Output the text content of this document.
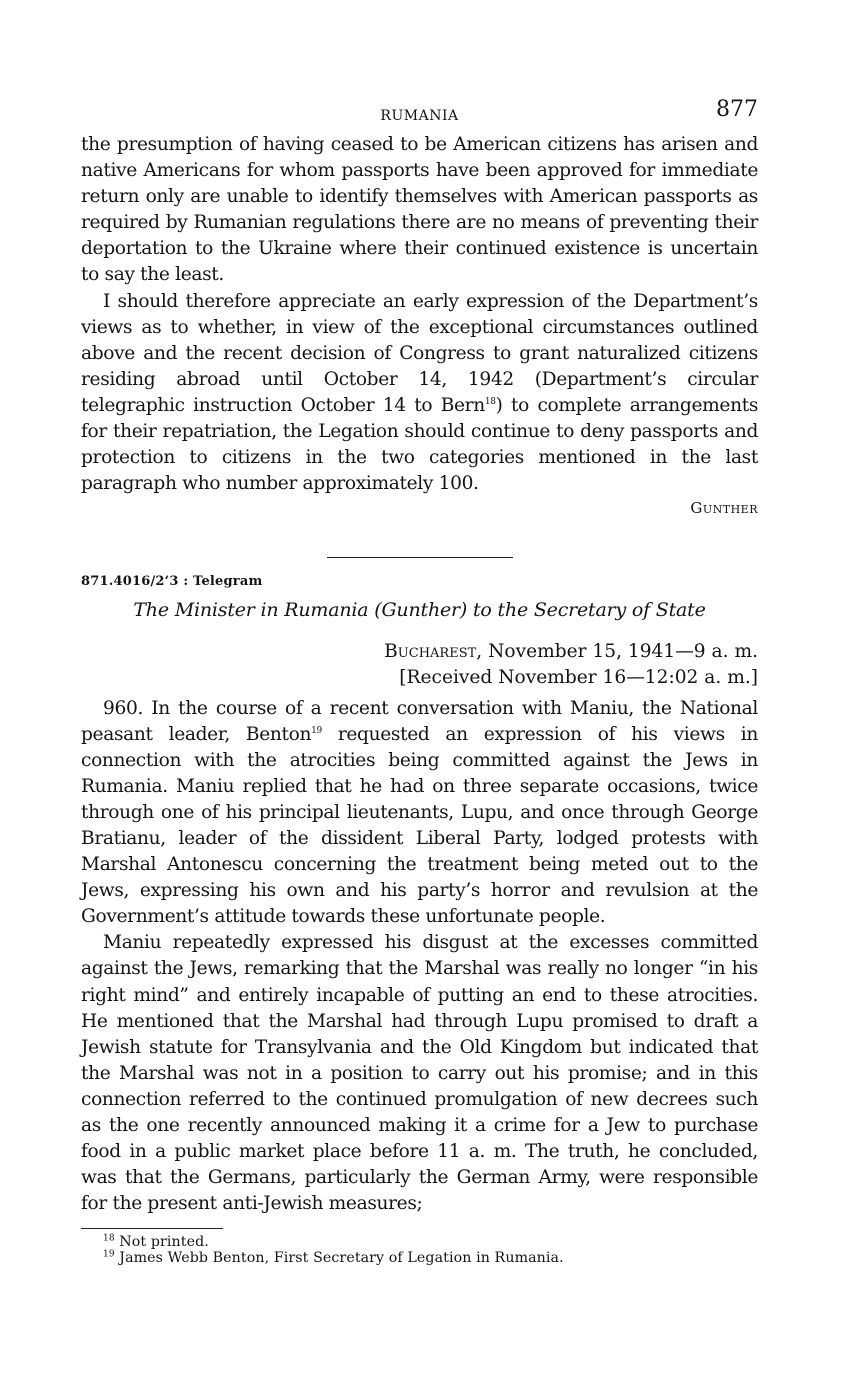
RUMANIA	877

the presumption of having ceased to be American citizens has arisen and native Americans for whom passports have been approved for immediate return only are unable to identify themselves with American passports as required by Rumanian regulations there are no means of preventing their deportation to the Ukraine where their continued existence is uncertain to say the least.

I should therefore appreciate an early expression of the Department’s views as to whether, in view of the exceptional circumstances outlined above and the recent decision of Congress to grant naturalized citizens residing abroad until October 14, 1942 (Department’s circular telegraphic instruction October 14 to Bern$^{18}$) to complete arrangements for their repatriation, the Legation should continue to deny passports and protection to citizens in the two categories mentioned in the last paragraph who number approximately 100.

Gunther
871.4016/2‘3 : Telegram
The Minister in Rumania (Gunther) to the Secretary of State
Bucharest, November 15, 1941—9 a. m.
[Received November 16—12:02 a. m.]

960. In the course of a recent conversation with Maniu, the National peasant leader, Benton$^{19}$ requested an expression of his views in connection with the atrocities being committed against the Jews in Rumania. Maniu replied that he had on three separate occasions, twice through one of his principal lieutenants, Lupu, and once through George Bratianu, leader of the dissident Liberal Party, lodged protests with Marshal Antonescu concerning the treatment being meted out to the Jews, expressing his own and his party’s horror and revulsion at the Government’s attitude towards these unfortunate people.

Maniu repeatedly expressed his disgust at the excesses committed against the Jews, remarking that the Marshal was really no longer “in his right mind” and entirely incapable of putting an end to these atrocities. He mentioned that the Marshal had through Lupu promised to draft a Jewish statute for Transylvania and the Old Kingdom but indicated that the Marshal was not in a position to carry out his promise; and in this connection referred to the continued promulgation of new decrees such as the one recently announced making it a crime for a Jew to purchase food in a public market place before 11 a. m. The truth, he concluded, was that the Germans, particularly the German Army, were responsible for the present anti-Jewish measures;

$^{18}$ Not printed.
$^{19}$ James Webb Benton, First Secretary of Legation in Rumania.
